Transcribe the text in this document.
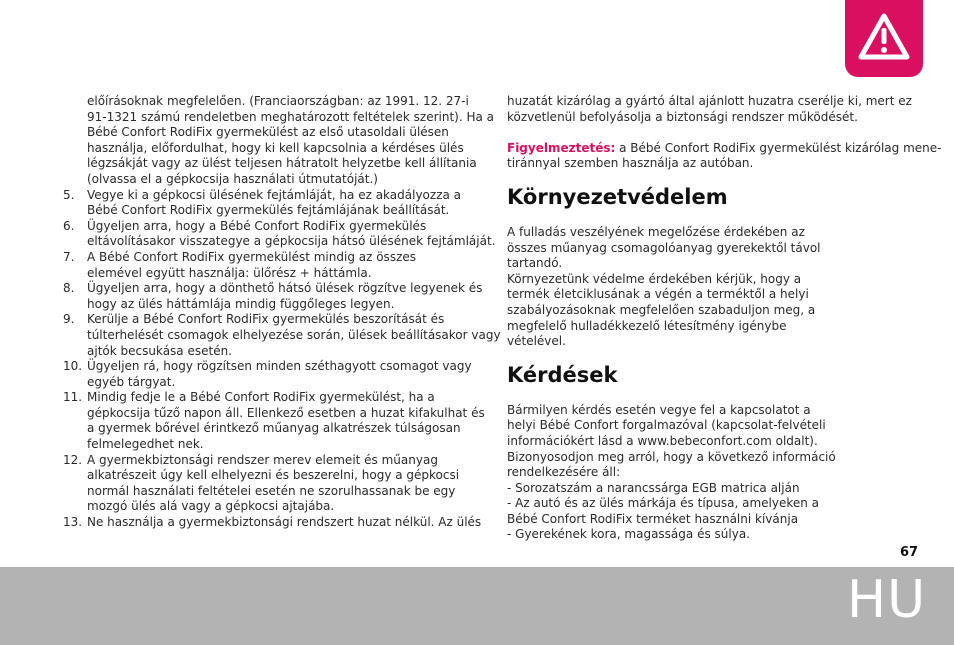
előírásoknak megfelelően. (Franciaországban: az 1991. 12. 27-i
91-1321 számú rendeletben meghatározott feltételek szerint). Ha a
Bébé Confort RodiFix gyermekülést az első utasoldali ülésen
használja, előfordulhat, hogy ki kell kapcsolnia a kérdéses ülés
légzsákját vagy az ülést teljesen hátratolt helyzetbe kell állítania
(olvassa el a gépkocsija használati útmutatóját.)
5.	Vegye ki a gépkocsi ülésének fejtámláját, ha ez akadályozza a
Bébé Confort RodiFix gyermekülés fejtámlájának beállítását.
6.	Ügyeljen arra, hogy a Bébé Confort RodiFix gyermekülés
eltávolításakor visszategye a gépkocsija hátsó ülésének fejtámláját.
7.	A Bébé Confort RodiFix gyermekülést mindig az összes
elemével együtt használja: ülőrész + háttámla.
8.	Ügyeljen arra, hogy a dönthető hátsó ülések rögzítve legyenek és
hogy az ülés háttámlája mindig függőleges legyen.
9.	Kerülje a Bébé Confort RodiFix gyermekülés beszorítását és
túlterhelését csomagok elhelyezése során, ülések beállításakor vagy
ajtók becsukása esetén.
10. Ügyeljen rá, hogy rögzítsen minden széthagyott csomagot vagy
egyéb tárgyat.
11. Mindig fedje le a Bébé Confort RodiFix gyermekülést, ha a
gépkocsija tűző napon áll. Ellenkező esetben a huzat kifakulhat és
a gyermek bőrével érintkező műanyag alkatrészek túlságosan
felmelegedhet nek.
12. A gyermekbiztonsági rendszer merev elemeit és műanyag
alkatrészeit úgy kell elhelyezni és beszerelni, hogy a gépkocsi
normál használati feltételei esetén ne szorulhassanak be egy
mozgó ülés alá vagy a gépkocsi ajtajába.
13. Ne használja a gyermekbiztonsági rendszert huzat nélkül. Az ülés
huzatát kizárólag a gyártó által ajánlott huzatra cserélje ki, mert ez
közvetlenül befolyásolja a biztonsági rendszer működését.
Figyelmeztetés: a Bébé Confort RodiFix gyermekülést kizárólag mene-
tiránnyal szemben használja az autóban.
Környezetvédelem
A fulladás veszélyének megelőzése érdekében az
összes műanyag csomagolóanyag gyerekektől távol
tartandó.
Környezetünk védelme érdekében kérjük, hogy a
termék életciklusának a végén a terméktől a helyi
szabályozásoknak megfelelően szabaduljon meg, a
megfelelő hulladékkezelő létesítmény igénybe
vételével.
Kérdések
Bármilyen kérdés esetén vegye fel a kapcsolatot a
helyi Bébé Confort forgalmazóval (kapcsolat-felvételi
információkért lásd a www.bebeconfort.com oldalt).
Bizonyosodjon meg arról, hogy a következő információ
rendelkezésére áll:
- Sorozatszám a narancssárga EGB matrica alján
- Az autó és az ülés márkája és típusa, amelyeken a
Bébé Confort RodiFix terméket használni kívánja
- Gyerekének kora, magassága és súlya.
67
HU
